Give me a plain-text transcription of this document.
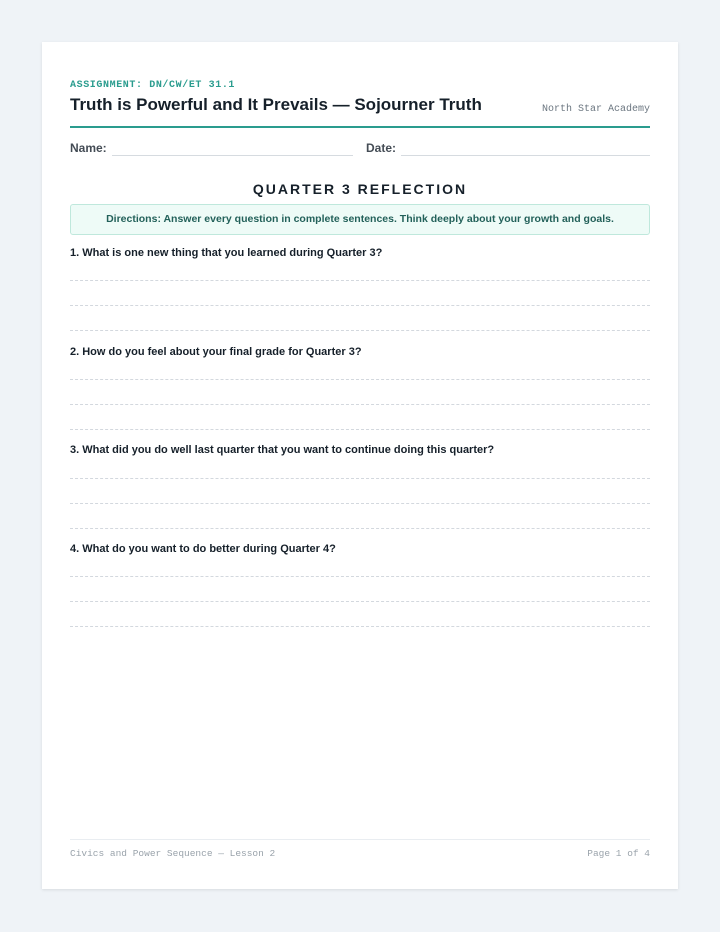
ASSIGNMENT: DN/CW/ET 31.1
Truth is Powerful and It Prevails — Sojourner Truth	North Star Academy
Name:	Date:
QUARTER 3 REFLECTION
Directions: Answer every question in complete sentences. Think deeply about your growth and goals.
1. What is one new thing that you learned during Quarter 3?
2. How do you feel about your final grade for Quarter 3?
3. What did you do well last quarter that you want to continue doing this quarter?
4. What do you want to do better during Quarter 4?
Civics and Power Sequence — Lesson 2	Page 1 of 4
